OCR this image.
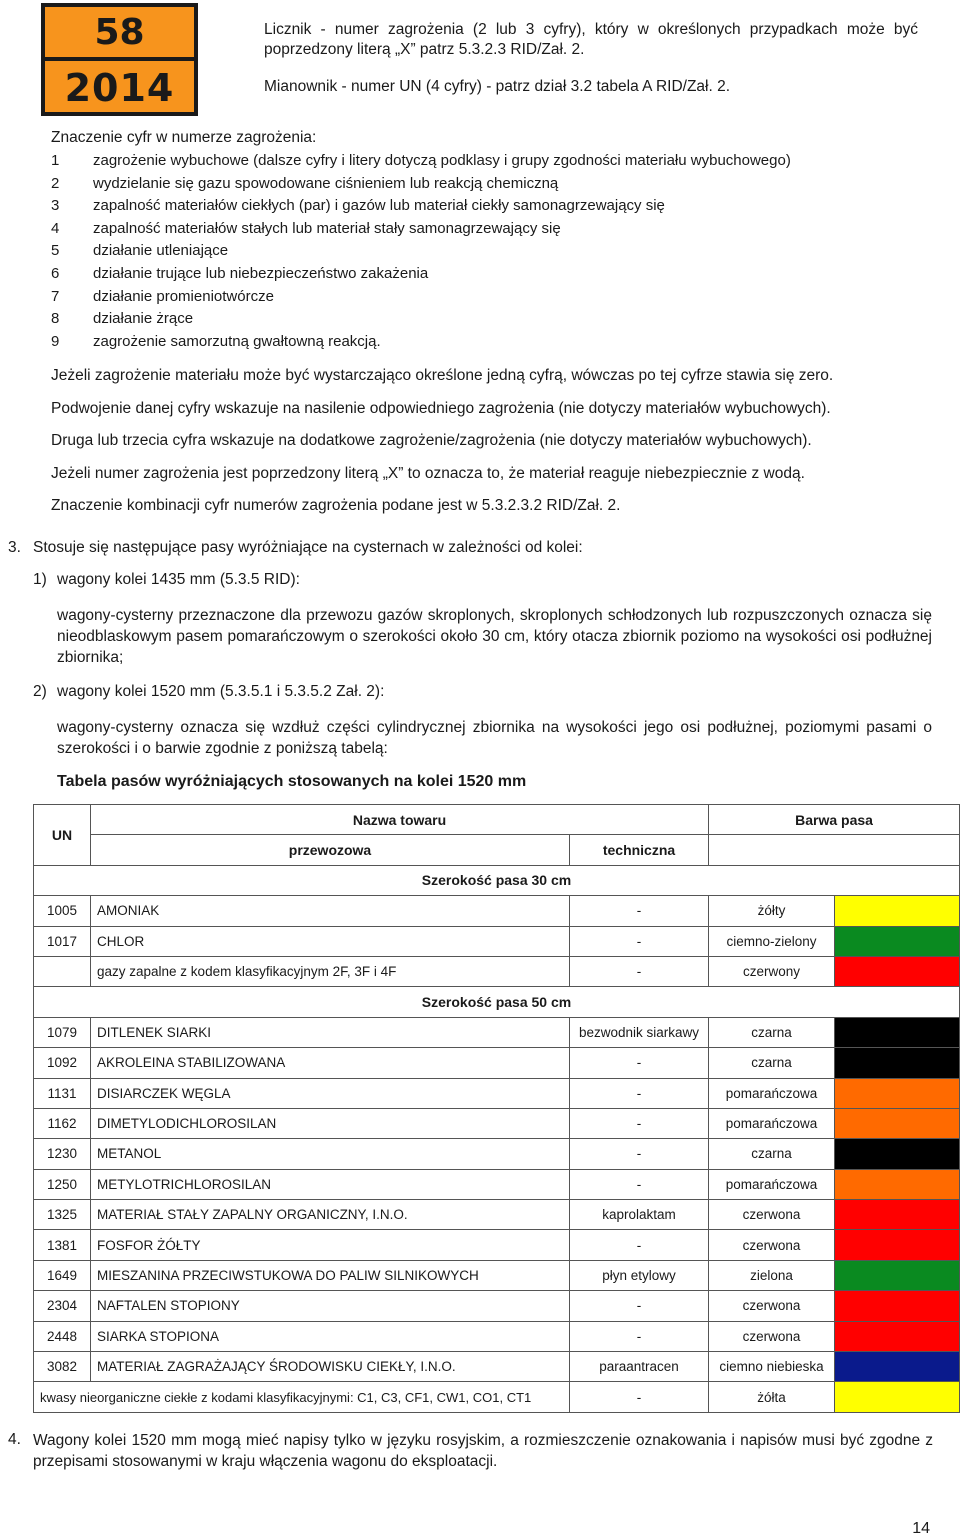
58
2014
Licznik - numer zagrożenia (2 lub 3 cyfry), który w określonych przypadkach może być poprzedzony literą „X” patrz 5.3.2.3 RID/Zał. 2.
Mianownik - numer UN (4 cyfry) - patrz dział 3.2 tabela A RID/Zał. 2.
Znaczenie cyfr w numerze zagrożenia:
1 zagrożenie wybuchowe (dalsze cyfry i litery dotyczą podklasy i grupy zgodności materiału wybuchowego)
2 wydzielanie się gazu spowodowane ciśnieniem lub reakcją chemiczną
3 zapalność materiałów ciekłych (par) i gazów lub materiał ciekły samonagrzewający się
4 zapalność materiałów stałych lub materiał stały samonagrzewający się
5 działanie utleniające
6 działanie trujące lub niebezpieczeństwo zakażenia
7 działanie promieniotwórcze
8 działanie żrące
9 zagrożenie samorzutną gwałtowną reakcją.
Jeżeli zagrożenie materiału może być wystarczająco określone jedną cyfrą, wówczas po tej cyfrze stawia się zero.
Podwojenie danej cyfry wskazuje na nasilenie odpowiedniego zagrożenia (nie dotyczy materiałów wybuchowych).
Druga lub trzecia cyfra wskazuje na dodatkowe zagrożenie/zagrożenia (nie dotyczy materiałów wybuchowych).
Jeżeli numer zagrożenia jest poprzedzony literą „X” to oznacza to, że materiał reaguje niebezpiecznie z wodą.
Znaczenie kombinacji cyfr numerów zagrożenia podane jest w 5.3.2.3.2 RID/Zał. 2.
3. Stosuje się następujące pasy wyróżniające na cysternach w zależności od kolei:
1) wagony kolei 1435 mm (5.3.5 RID):
wagony-cysterny przeznaczone dla przewozu gazów skroplonych, skroplonych schłodzonych lub rozpuszczonych oznacza się nieodblaskowym pasem pomarańczowym o szerokości około 30 cm, który otacza zbiornik poziomo na wysokości osi podłużnej zbiornika;
2) wagony kolei 1520 mm (5.3.5.1 i 5.3.5.2 Zał. 2):
wagony-cysterny oznacza się wzdłuż części cylindrycznej zbiornika na wysokości jego osi podłużnej, poziomymi pasami o szerokości i o barwie zgodnie z poniższą tabelą:
Tabela pasów wyróżniających stosowanych na kolei 1520 mm
UN	Nazwa towaru		Barwa pasa	
	przewozowa	techniczna		
Szerokość pasa 30 cm				
1005	AMONIAK	-	żółty	
1017	CHLOR	-	ciemno-zielony	
	gazy zapalne z kodem klasyfikacyjnym 2F, 3F i 4F	-	czerwony	
Szerokość pasa 50 cm				
1079	DITLENEK SIARKI	bezwodnik siarkawy	czarna	
1092	AKROLEINA STABILIZOWANA	-	czarna	
1131	DISIARCZEK WĘGLA	-	pomarańczowa	
1162	DIMETYLODICHLOROSILAN	-	pomarańczowa	
1230	METANOL	-	czarna	
1250	METYLOTRICHLOROSILAN	-	pomarańczowa	
1325	MATERIAŁ STAŁY ZAPALNY ORGANICZNY, I.N.O.	kaprolaktam	czerwona	
1381	FOSFOR ŻÓŁTY	-	czerwona	
1649	MIESZANINA PRZECIWSTUKOWA DO PALIW SILNIKOWYCH	płyn etylowy	zielona	
2304	NAFTALEN STOPIONY	-	czerwona	
2448	SIARKA STOPIONA	-	czerwona	
3082	MATERIAŁ ZAGRAŻAJĄCY ŚRODOWISKU CIEKŁY, I.N.O.	paraantracen	ciemno niebieska	
kwasy nieorganiczne ciekłe z kodami klasyfikacyjnymi: C1, C3, CF1, CW1, CO1, CT1		-	żółta	
4. Wagony kolei 1520 mm mogą mieć napisy tylko w języku rosyjskim, a rozmieszczenie oznakowania i napisów musi być zgodne z przepisami stosowanymi w kraju włączenia wagonu do eksploatacji.
14
